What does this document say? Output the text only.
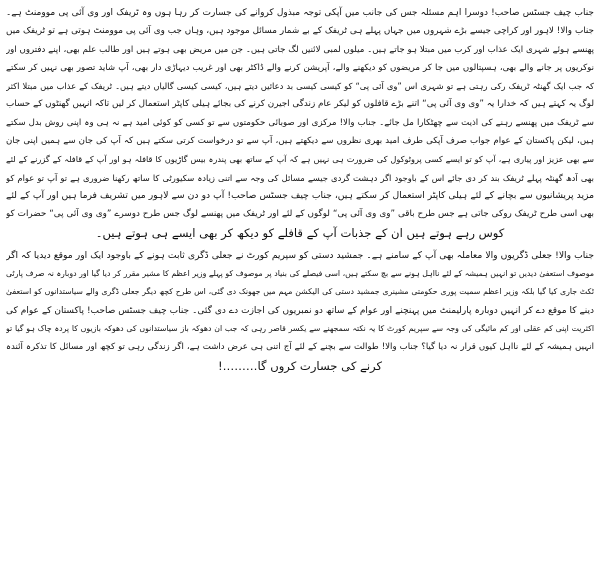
جناب چیف جسٹس صاحب! دوسرا اہم مسئلہ جس کی جانب میں آپکی توجہ مبذول کروانے کی جسارت کر رہا ہوں وہ ٹریفک اور وی آئی پی موومنٹ ہے۔
جناب والا! لاہور اور کراچی جیسے بڑے شہروں میں جہاں پہلے ہی ٹریفک کے بے شمار مسائل موجود ہیں، وہاں جب وی آئی پی موومنٹ ہوتی ہے تو ٹریفک میں
پھنسے ہوئے شہری ایک عذاب اور کرب میں مبتلا ہو جاتے ہیں۔ میلوں لمبی لائنیں لگ جاتی ہیں۔ جن میں مریض بھی ہوتے ہیں اور طالب علم بھی، اپنے دفتروں اور
نوکریوں پر جانے والے بھی، ہسپتالوں میں جا کر مریضوں کو دیکھنے والے، آپریشن کرنے والے ڈاکٹر بھی اور غریب دیہاڑی دار بھی، آپ شاید تصور بھی نہیں کر سکتے
کہ جب ایک گھنٹہ ٹریفک رکی رہتی ہے تو شہری اس ”وی آئی پی“ کو کیسی کیسی بد دعائیں دیتے ہیں، کیسی کیسی گالیاں دیتے ہیں۔ ٹریفک کے عذاب میں مبتلا اکثر
لوگ یہ کہتے ہیں کہ خدارا یہ ”وی وی آئی پی“ اتنے بڑے قافلوں کو لیکر عام زندگی اجیرن کرنے کی بجائے ہیلی کاپٹر استعمال کر لیں تاکہ انہیں گھنٹوں کے حساب
سے ٹریفک میں پھنسے رہنے کی اذیت سے چھٹکارا مل جائے۔ جناب والا! مرکزی اور صوبائی حکومتوں سے تو کسی کو کوئی امید ہے نہ ہی وہ اپنی روش بدل سکتے
ہیں، لیکن پاکستان کے عوام جواب صرف آپکی طرف امید بھری نظروں سے دیکھتے ہیں، آپ سے تو درخواست کرتی سکتے ہیں کہ آپ کی جان سے ہمیں اپنی جان
سے بھی عزیز اور پیاری ہے، آپ کو تو ایسے کسی پروٹوکول کی ضرورت ہی نہیں ہے کہ آپ کے ساتھ بھی پندرہ بیس گاڑیوں کا قافلہ ہو اور آپ کے قافلہ کے گزرنے کے لئے
بھی آدھ گھنٹہ پہلے ٹریفک بند کر دی جائے اس کے باوجود اگر دہشت گردی جیسے مسائل کی وجہ سے اتنی زیادہ سکیورٹی کا ساتھ رکھنا ضروری ہے تو آپ تو عوام کو
مزید پریشانیوں سے بچانے کے لئے ہیلی کاپٹر استعمال کر سکتے ہیں، جناب چیف جسٹس صاحب! آپ دو دن سے لاہور میں تشریف فرما ہیں اور آپ کے لئے
بھی اسی طرح ٹریفک روکی جاتی ہے جس طرح باقی ”وی وی آئی پی“ لوگوں کے لئے اور ٹریفک میں پھنسے لوگ جس طرح دوسرے ”وی وی آئی پی“ حضرات کو
کوس رہے ہوتے ہیں ان کے جذبات آپ کے قافلے کو دیکھ کر بھی ایسے ہی ہوتے ہیں۔
جناب والا! جعلی ڈگریوں والا معاملہ بھی آپ کے سامنے ہے۔ جمشید دستی کو سپریم کورٹ نے جعلی ڈگری ثابت ہونے کے باوجود ایک اور موقع دیدیا کہ اگر
موصوف استعفیٰ دیدیں تو انہیں ہمیشہ کے لئے نااہل ہونے سے بچ سکتے ہیں، اسی فیصلے کی بنیاد پر موصوف کو پہلے وزیر اعظم کا مشیر مقرر کر دیا گیا اور دوبارہ نہ صرف پارٹی
ٹکٹ جاری کیا گیا بلکہ وزیر اعظم سمیت پوری حکومتی مشینری جمشید دستی کی الیکشن مہم میں جھونک دی گئی، اس طرح کچھ دیگر جعلی ڈگری والے سیاستدانوں کو استعفیٰ
دینے کا موقع دے کر انہیں دوبارہ پارلیمنٹ میں پہنچنے اور عوام کے ساتھ دو نمبریوں کی اجازت دے دی گئی۔ جناب چیف جسٹس صاحب! پاکستان کے عوام کی
اکثریت اپنی کم عقلی اور کم مائیگی کی وجہ سے سپریم کورٹ کا یہ نکتہ سمجھنے سے یکسر قاصر رہی کہ جب ان دھوکہ باز سیاستدانوں کی دھوکہ بازیوں کا پردہ چاک ہو گیا تو
انہیں ہمیشہ کے لئے نااہل کیوں قرار نہ دیا گیا؟ جناب والا! طوالت سے بچنے کے لئے آج اتنی ہی عرض داشت ہے، اگر زندگی رہی تو کچھ اور مسائل کا تذکرہ آئندہ
کرنے کی جسارت کروں گا………!
